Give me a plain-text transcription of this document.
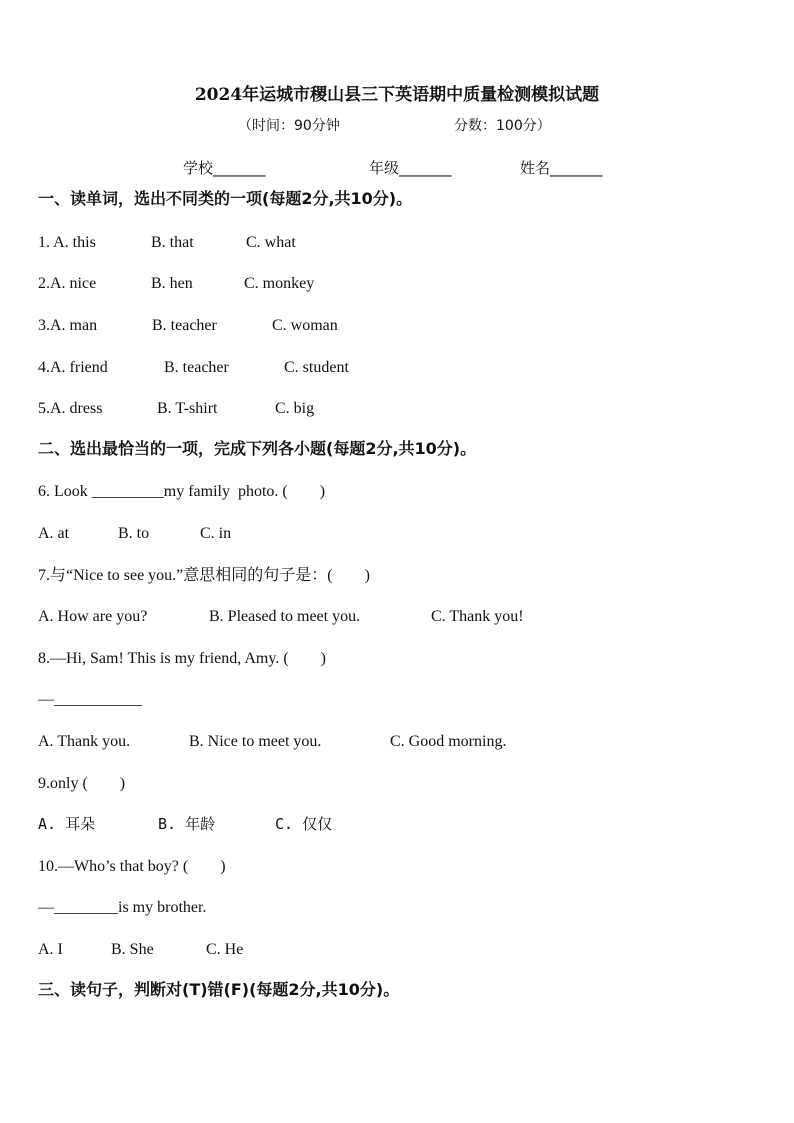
2024年运城市稷山县三下英语期中质量检测模拟试题
（时间：90分钟	分数：100分）
学校_______	年级_______	姓名_______
一、读单词，选出不同类的一项(每题2分,共10分)。
1. A. this	B. that	C. what
2.A. nice	B. hen	C. monkey
3.A. man	B. teacher	C. woman
4.A. friend	B. teacher	C. student
5.A. dress	B. T-shirt	C. big
二、选出最恰当的一项，完成下列各小题(每题2分,共10分)。
6. Look _________my family  photo. (        )
A. at	B. to	C. in
7.与“Nice to see you.”意思相同的句子是：(        )
A. How are you?	B. Pleased to meet you.	C. Thank you!
8.—Hi, Sam! This is my friend, Amy. (        )
—___________
A. Thank you.	B. Nice to meet you.	C. Good morning.
9.only (        )
A. 耳朵	B. 年龄	C. 仅仅
10.—Who’s that boy? (        )
—________is my brother.
A. I	B. She	C. He
三、读句子，判断对(T)错(F)(每题2分,共10分)。
